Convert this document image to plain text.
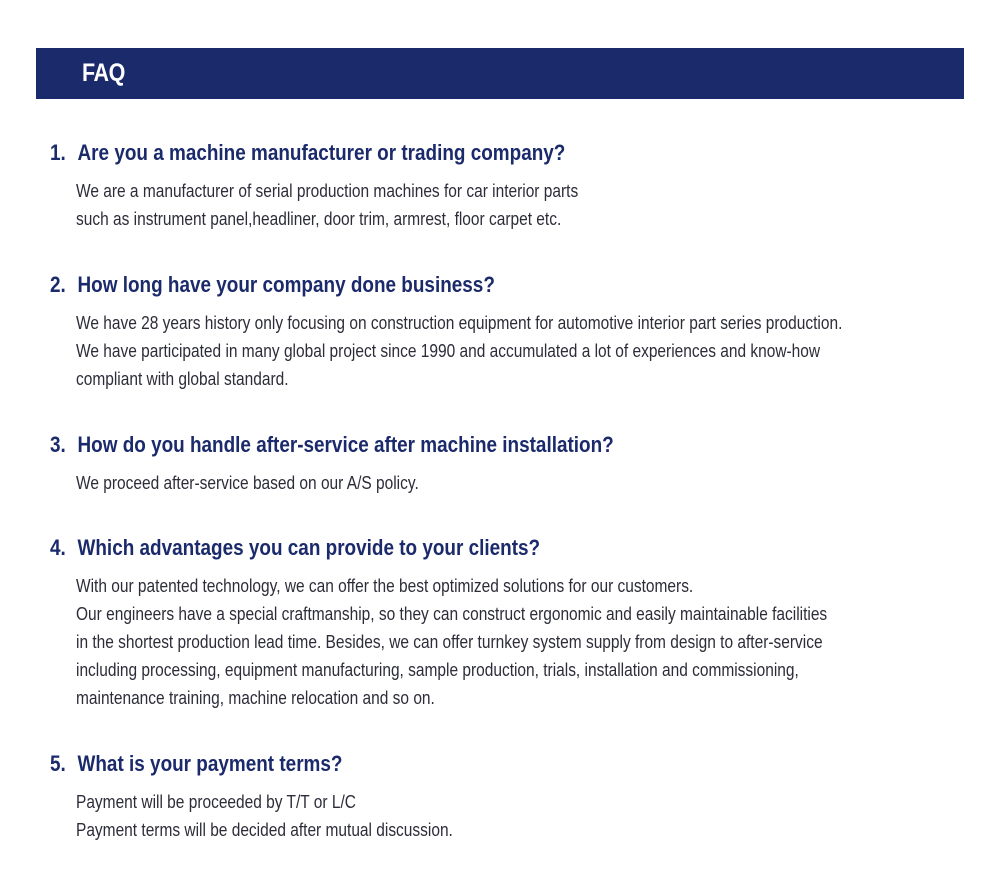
FAQ
1. Are you a machine manufacturer or trading company?
We are a manufacturer of serial production machines for car interior parts
such as instrument panel,headliner, door trim, armrest, floor carpet etc.
2. How long have your company done business?
We have 28 years history only focusing on construction equipment for automotive interior part series production.
We have participated in many global project since 1990 and accumulated a lot of experiences and know-how
compliant with global standard.
3. How do you handle after-service after machine installation?
We proceed after-service based on our A/S policy.
4. Which advantages you can provide to your clients?
With our patented technology, we can offer the best optimized solutions for our customers.
Our engineers have a special craftmanship, so they can construct ergonomic and easily maintainable facilities
in the shortest production lead time. Besides, we can offer turnkey system supply from design to after-service
including processing, equipment manufacturing, sample production, trials, installation and commissioning,
maintenance training, machine relocation and so on.
5. What is your payment terms?
Payment will be proceeded by T/T or L/C
Payment terms will be decided after mutual discussion.
